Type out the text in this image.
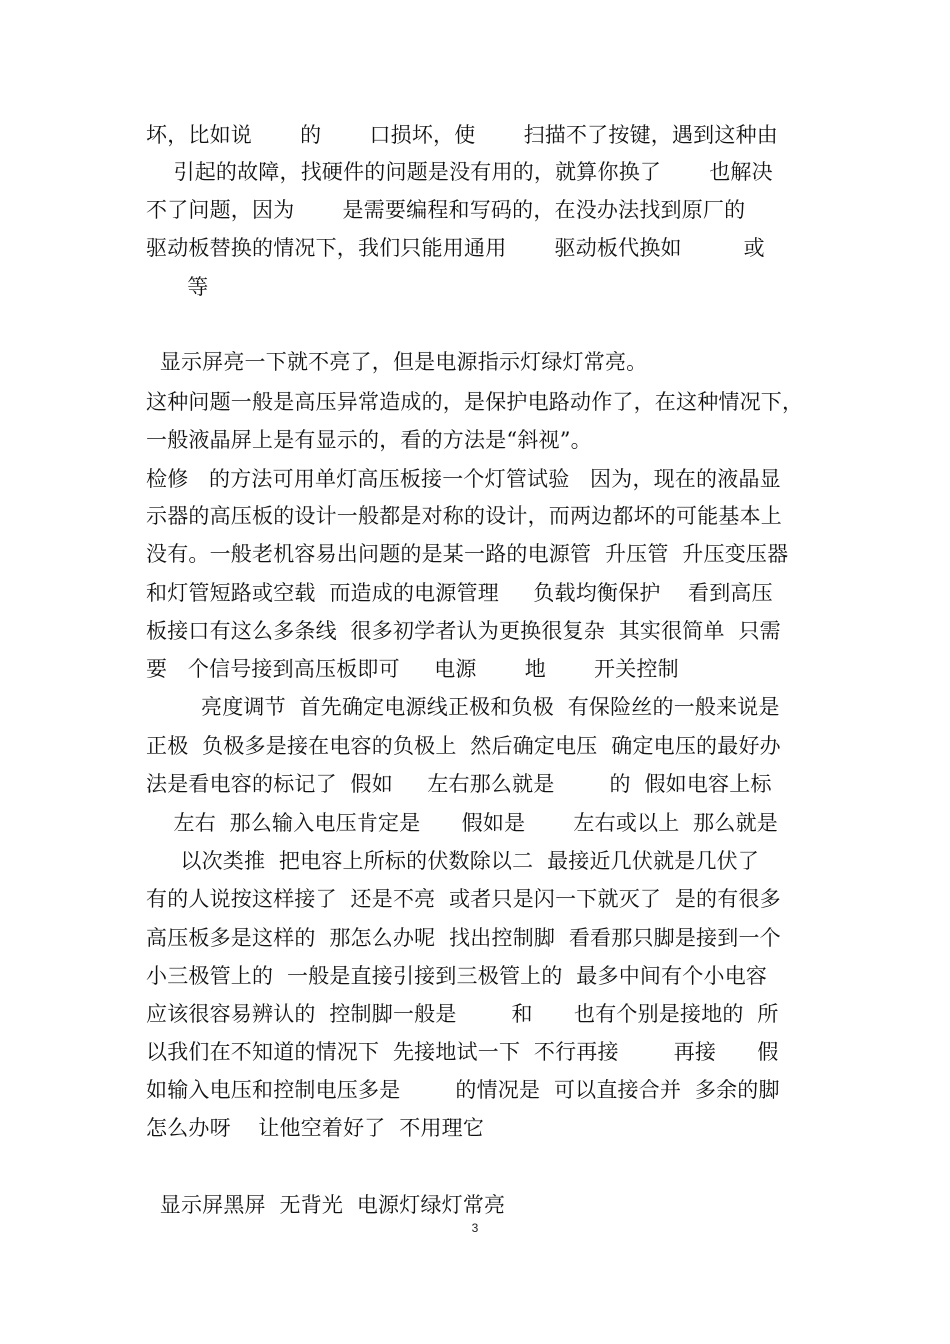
坏，比如说       的       口损坏，使       扫描不了按键，遇到这种由
引起的故障，找硬件的问题是没有用的，就算你换了       也解决
不了问题，因为       是需要编程和写码的，在没办法找到原厂的
驱动板替换的情况下，我们只能用通用       驱动板代换如         或
等
显示屏亮一下就不亮了，但是电源指示灯绿灯常亮。
这种问题一般是高压异常造成的，是保护电路动作了，在这种情况下，
一般液晶屏上是有显示的，看的方法是“斜视”。
检修   的方法可用单灯高压板接一个灯管试验   因为，现在的液晶显
示器的高压板的设计一般都是对称的设计，而两边都坏的可能基本上
没有。一般老机容易出问题的是某一路的电源管  升压管  升压变压器
和灯管短路或空载  而造成的电源管理     负载均衡保护    看到高压
板接口有这么多条线  很多初学者认为更换很复杂  其实很简单  只需
要   个信号接到高压板即可     电源       地       开关控制
亮度调节  首先确定电源线正极和负极  有保险丝的一般来说是
正极  负极多是接在电容的负极上  然后确定电压  确定电压的最好办
法是看电容的标记了  假如     左右那么就是        的  假如电容上标
左右  那么输入电压肯定是      假如是       左右或以上  那么就是
以次类推  把电容上所标的伏数除以二  最接近几伏就是几伏了
有的人说按这样接了  还是不亮  或者只是闪一下就灭了  是的有很多
高压板多是这样的  那怎么办呢  找出控制脚  看看那只脚是接到一个
小三极管上的  一般是直接引接到三极管上的  最多中间有个小电容
应该很容易辨认的  控制脚一般是        和      也有个别是接地的  所
以我们在不知道的情况下  先接地试一下  不行再接        再接      假
如输入电压和控制电压多是        的情况是  可以直接合并  多余的脚
怎么办呀    让他空着好了  不用理它
显示屏黑屏  无背光  电源灯绿灯常亮
3
